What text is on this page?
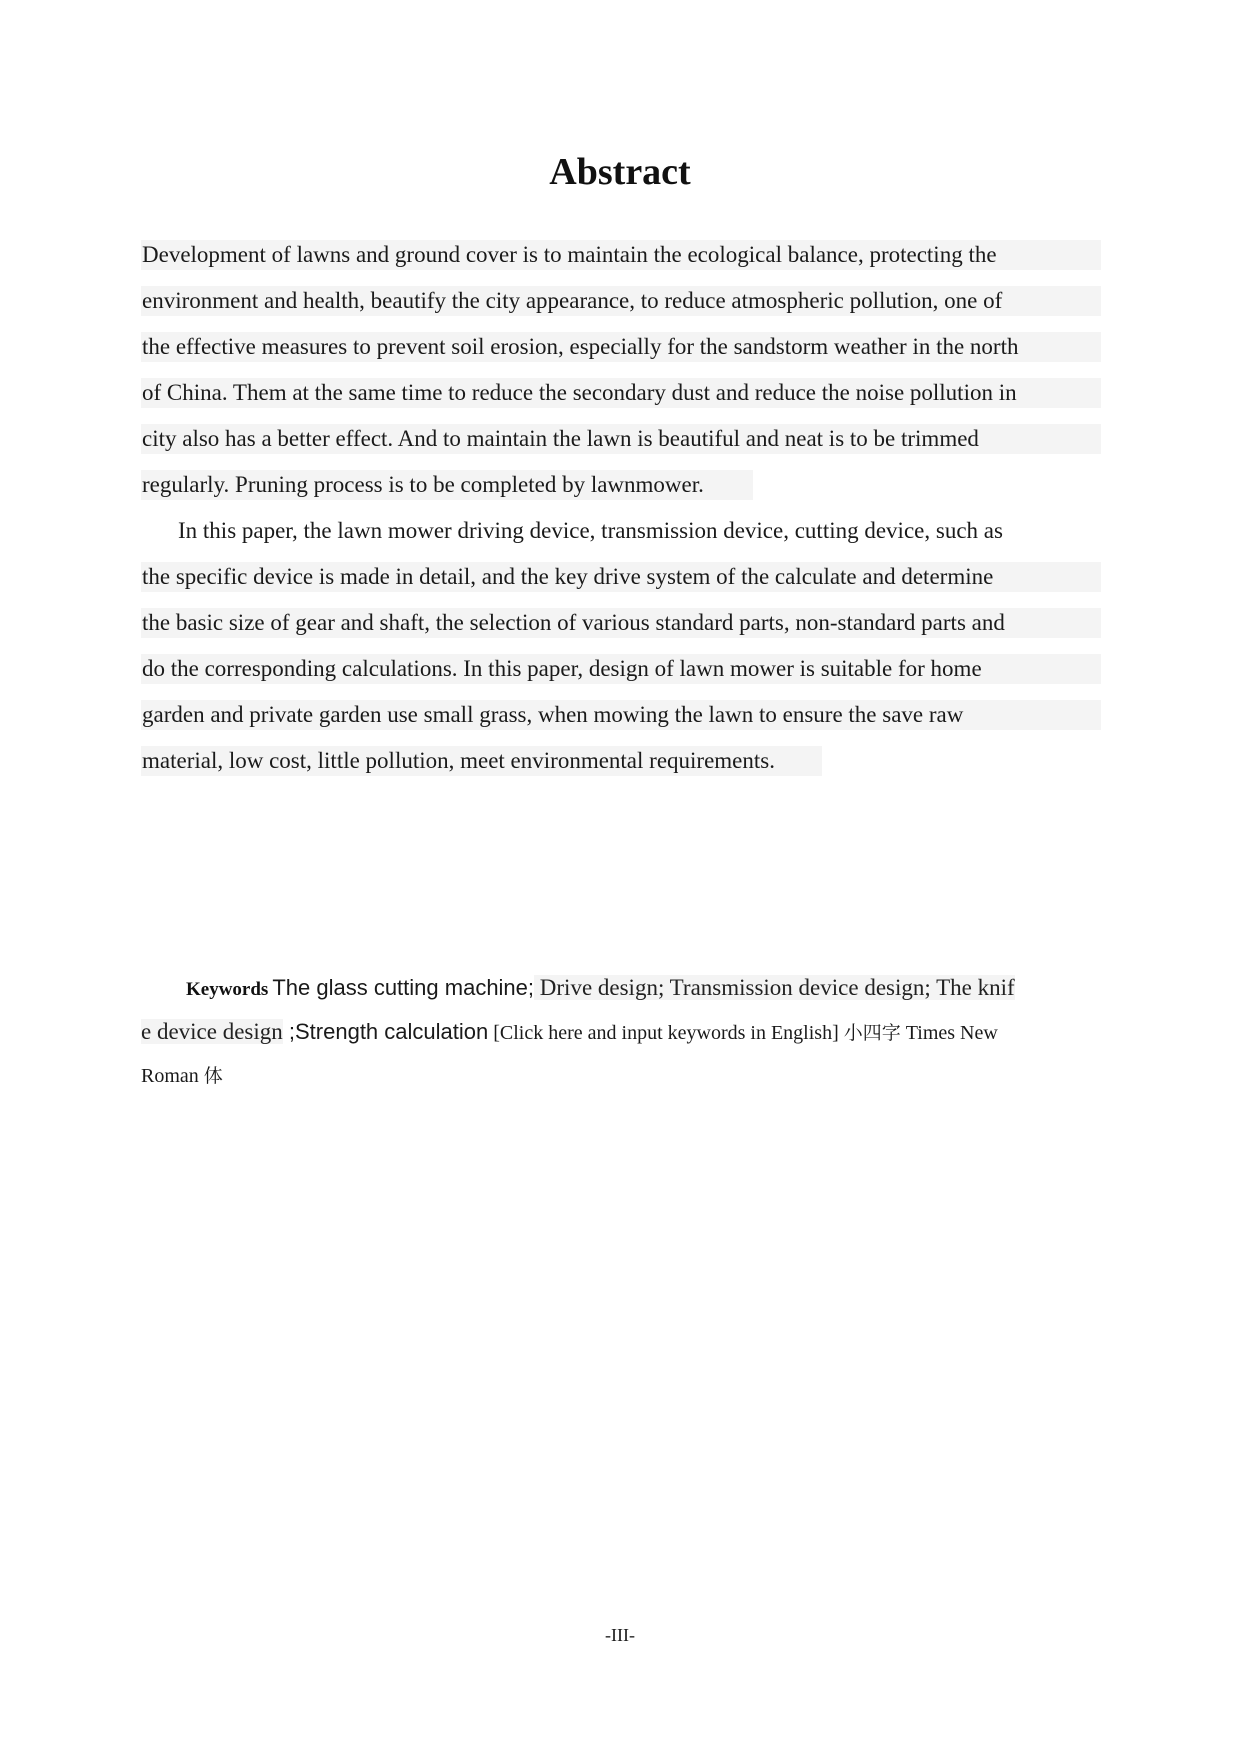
Abstract
Development of lawns and ground cover is to maintain the ecological balance, protecting the
environment and health, beautify the city appearance, to reduce atmospheric pollution, one of
the effective measures to prevent soil erosion, especially for the sandstorm weather in the north
of China. Them at the same time to reduce the secondary dust and reduce the noise pollution in
city also has a better effect. And to maintain the lawn is beautiful and neat is to be trimmed
regularly. Pruning process is to be completed by lawnmower.
In this paper, the lawn mower driving device, transmission device, cutting device, such as
the specific device is made in detail, and the key drive system of the calculate and determine
the basic size of gear and shaft, the selection of various standard parts, non-standard parts and
do the corresponding calculations. In this paper, design of lawn mower is suitable for home
garden and private garden use small grass, when mowing the lawn to ensure the save raw
material, low cost, little pollution, meet environmental requirements.
Keywords The glass cutting machine; Drive design; Transmission device design; The knif
e device design ;Strength calculation [Click here and input keywords in English] 小四字 Times New
Roman 体
-III-
